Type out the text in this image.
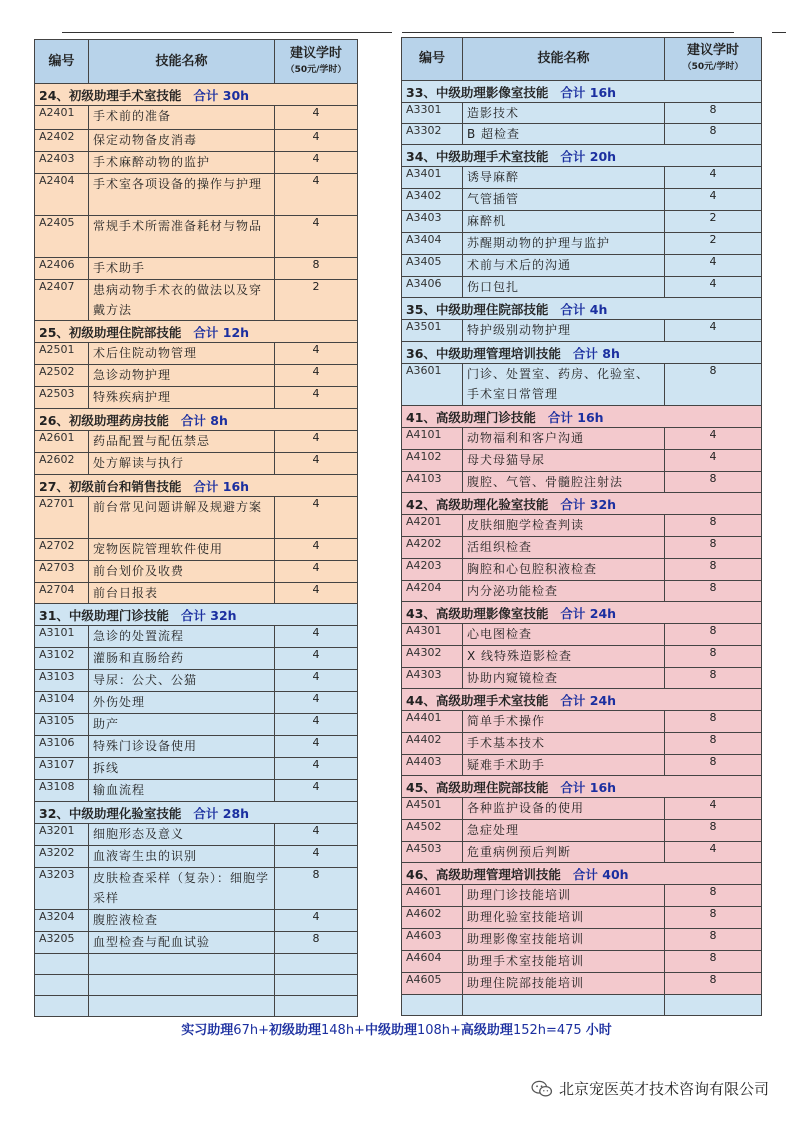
编号	技能名称	建议学时
（50元/学时）

24、初级助理手术室技能 合计 30h		
A2401	手术前的准备	4
A2402	保定动物备皮消毒	4
A2403	手术麻醉动物的监护	4
A2404	手术室各项设备的操作与护理	4
A2405	常规手术所需准备耗材与物品	4
A2406	手术助手	8
A2407	患病动物手术衣的做法以及穿戴方法	2
25、初级助理住院部技能 合计 12h		
A2501	术后住院动物管理	4
A2502	急诊动物护理	4
A2503	特殊疾病护理	4
26、初级助理药房技能 合计 8h		
A2601	药品配置与配伍禁忌	4
A2602	处方解读与执行	4
27、初级前台和销售技能 合计 16h		
A2701	前台常见问题讲解及规避方案	4
A2702	宠物医院管理软件使用	4
A2703	前台划价及收费	4
A2704	前台日报表	4
31、中级助理门诊技能 合计 32h		
A3101	急诊的处置流程	4
A3102	灌肠和直肠给药	4
A3103	导尿：公犬、公猫	4
A3104	外伤处理	4
A3105	助产	4
A3106	特殊门诊设备使用	4
A3107	拆线	4
A3108	输血流程	4
32、中级助理化验室技能 合计 28h		
A3201	细胞形态及意义	4
A3202	血液寄生虫的识别	4
A3203	皮肤检查采样（复杂）：细胞学采样	8
A3204	腹腔液检查	4
A3205	血型检查与配血试验	8

编号	技能名称	建议学时
（50元/学时）

33、中级助理影像室技能 合计 16h		
A3301	造影技术	8
A3302	B 超检查	8
34、中级助理手术室技能 合计 20h		
A3401	诱导麻醉	4
A3402	气管插管	4
A3403	麻醉机	2
A3404	苏醒期动物的护理与监护	2
A3405	术前与术后的沟通	4
A3406	伤口包扎	4
35、中级助理住院部技能 合计 4h		
A3501	特护级别动物护理	4
36、中级助理管理培训技能 合计 8h		
A3601	门诊、处置室、药房、化验室、手术室日常管理	8
41、高级助理门诊技能 合计 16h		
A4101	动物福利和客户沟通	4
A4102	母犬母猫导尿	4
A4103	腹腔、气管、骨髓腔注射法	8
42、高级助理化验室技能 合计 32h		
A4201	皮肤细胞学检查判读	8
A4202	活组织检查	8
A4203	胸腔和心包腔积液检查	8
A4204	内分泌功能检查	8
43、高级助理影像室技能 合计 24h		
A4301	心电图检查	8
A4302	X 线特殊造影检查	8
A4303	协助内窥镜检查	8
44、高级助理手术室技能 合计 24h		
A4401	简单手术操作	8
A4402	手术基本技术	8
A4403	疑难手术助手	8
45、高级助理住院部技能 合计 16h		
A4501	各种监护设备的使用	4
A4502	急症处理	8
A4503	危重病例预后判断	4
46、高级助理管理培训技能 合计 40h		
A4601	助理门诊技能培训	8
A4602	助理化验室技能培训	8
A4603	助理影像室技能培训	8
A4604	助理手术室技能培训	8
A4605	助理住院部技能培训	8

实习助理67h+初级助理148h+中级助理108h+高级助理152h=475 小时
北京宠医英才技术咨询有限公司
